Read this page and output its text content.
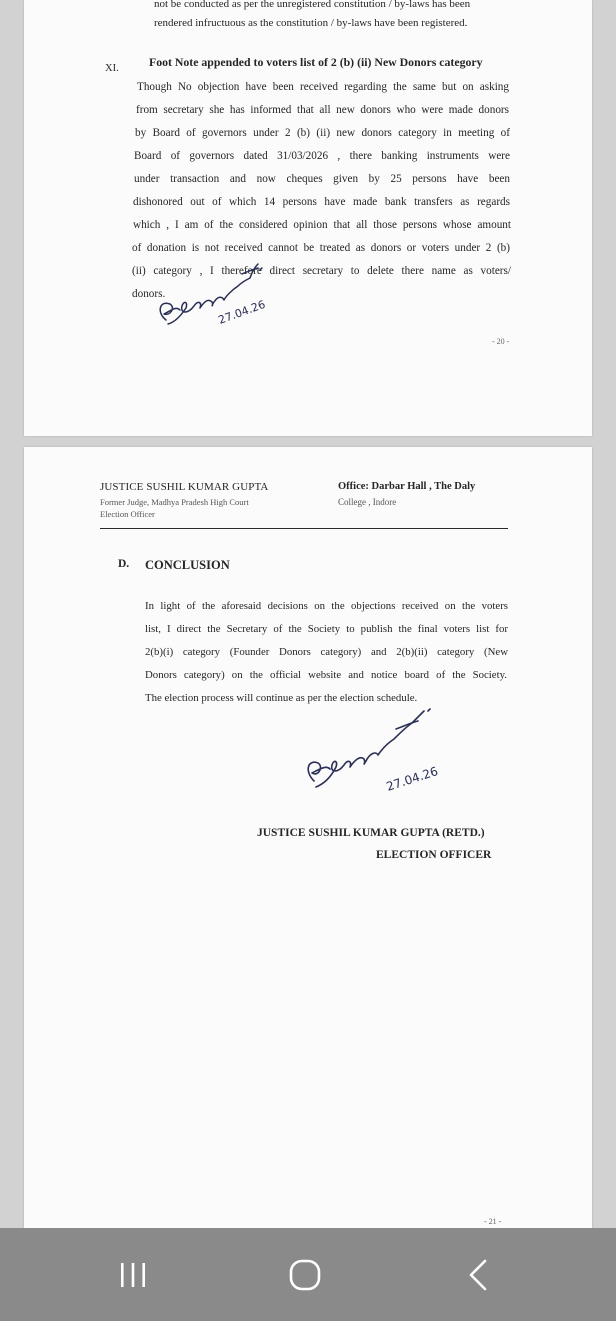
not be conducted as per the unregistered constitution / by-laws has been
rendered infructuous as the constitution / by-laws have been registered.
XI.	Foot Note appended to voters list of 2 (b) (ii) New Donors category
Though No objection have been received regarding the same but on asking
from secretary she has informed that all new donors who were made donors
by Board of governors under 2 (b) (ii) new donors category in meeting of
Board of governors dated 31/03/2026 , there banking instruments were
under transaction and now cheques given by 25 persons have been
dishonored out of which 14 persons have made bank transfers as regards
which , I am of the considered opinion that all those persons whose amount
of donation is not received cannot be treated as donors or voters under 2 (b)
(ii) category , I therefore direct secretary to delete there name as voters/
donors.
27.04.26
- 20 -
JUSTICE SUSHIL KUMAR GUPTA
Former Judge, Madhya Pradesh High Court
Election Officer
Office: Darbar Hall , The Daly
College , Indore
D. CONCLUSION
In light of the aforesaid decisions on the objections received on the voters
list, I direct the Secretary of the Society to publish the final voters list for
2(b)(i) category (Founder Donors category) and 2(b)(ii) category (New
Donors category) on the official website and notice board of the Society.
The election process will continue as per the election schedule.
27.04.26
JUSTICE SUSHIL KUMAR GUPTA (RETD.)
ELECTION OFFICER
- 21 -
